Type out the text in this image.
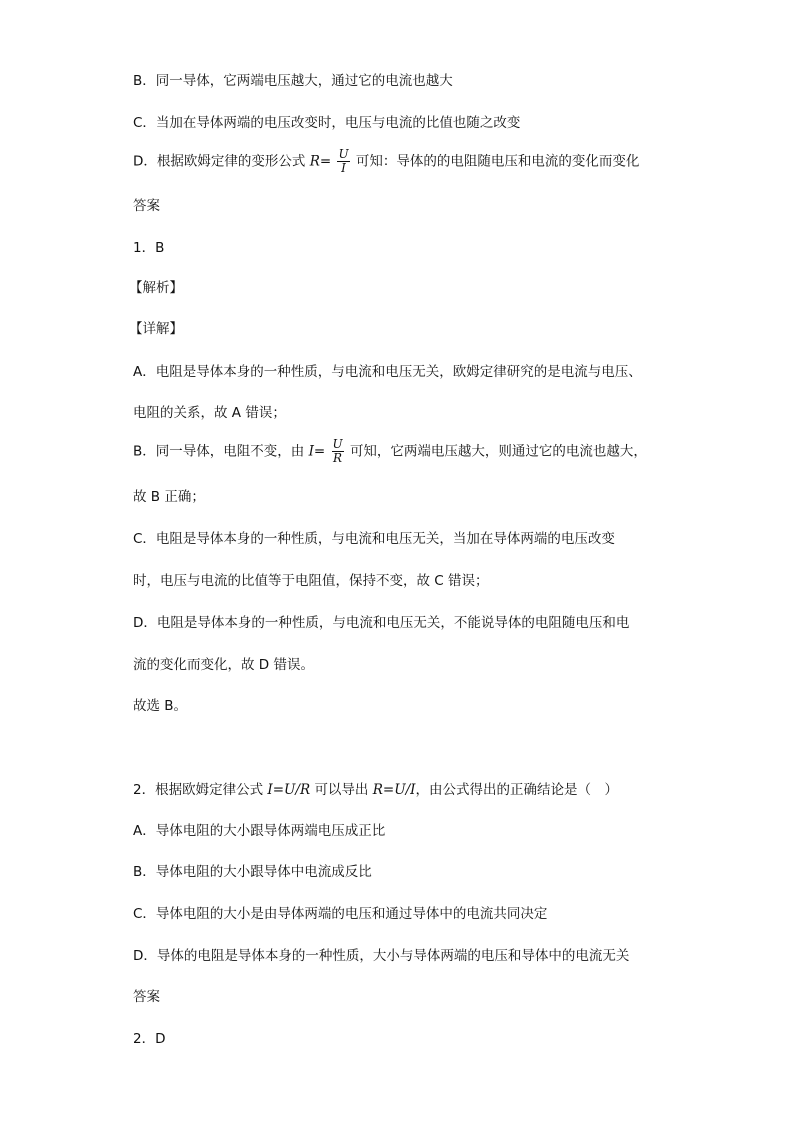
B．同一导体，它两端电压越大，通过它的电流也越大
C．当加在导体两端的电压改变时，电压与电流的比值也随之改变
D．根据欧姆定律的变形公式 $R= \frac{U}{I}$ 可知：导体的的电阻随电压和电流的变化而变化
答案
1．B
【解析】
【详解】
A．电阻是导体本身的一种性质，与电流和电压无关，欧姆定律研究的是电流与电压、
电阻的关系，故 A 错误；
B．同一导体，电阻不变，由 $I= \frac{U}{R}$ 可知，它两端电压越大，则通过它的电流也越大，
故 B 正确；
C．电阻是导体本身的一种性质，与电流和电压无关，当加在导体两端的电压改变
时，电压与电流的比值等于电阻值，保持不变，故 C 错误；
D．电阻是导体本身的一种性质，与电流和电压无关，不能说导体的电阻随电压和电
流的变化而变化，故 D 错误。
故选 B。
2．根据欧姆定律公式 I=U/R 可以导出 R=U/I，由公式得出的正确结论是（　）
A．导体电阻的大小跟导体两端电压成正比
B．导体电阻的大小跟导体中电流成反比
C．导体电阻的大小是由导体两端的电压和通过导体中的电流共同决定
D．导体的电阻是导体本身的一种性质，大小与导体两端的电压和导体中的电流无关
答案
2．D
